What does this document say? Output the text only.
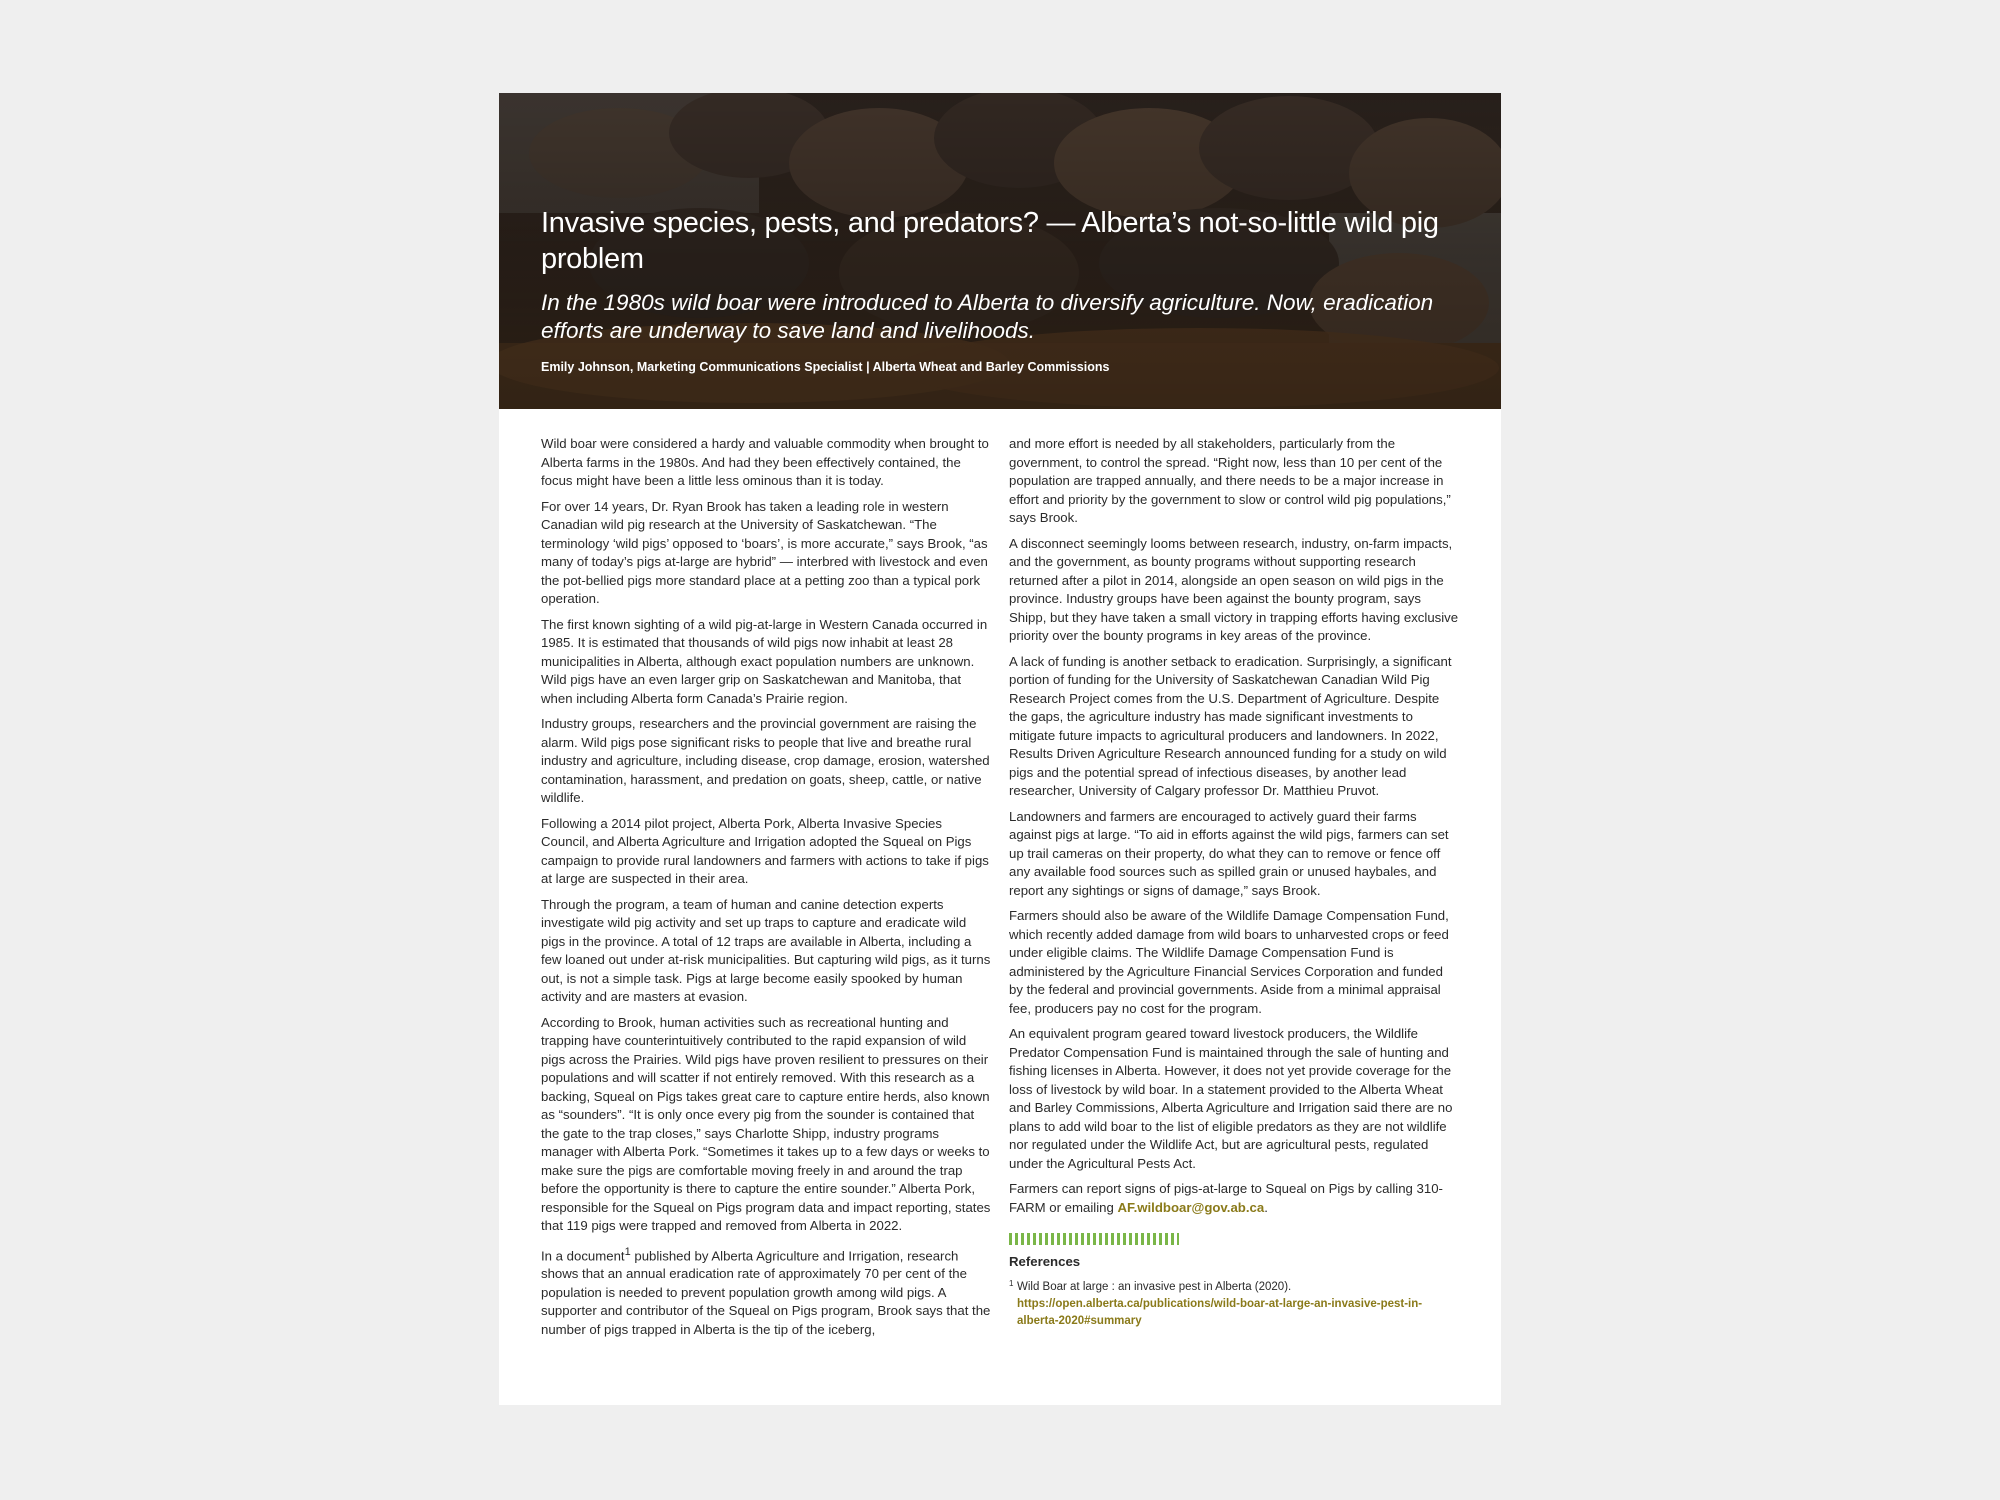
Invasive species, pests, and predators? — Alberta’s not-so-little wild pig problem

In the 1980s wild boar were introduced to Alberta to diversify agriculture. Now, eradication efforts are underway to save land and livelihoods.

Emily Johnson, Marketing Communications Specialist | Alberta Wheat and Barley Commissions

Wild boar were considered a hardy and valuable commodity when brought to Alberta farms in the 1980s. And had they been effectively contained, the focus might have been a little less ominous than it is today.

For over 14 years, Dr. Ryan Brook has taken a leading role in western Canadian wild pig research at the University of Saskatchewan. “The terminology ‘wild pigs’ opposed to ‘boars’, is more accurate,” says Brook, “as many of today’s pigs at-large are hybrid” — interbred with livestock and even the pot-bellied pigs more standard place at a petting zoo than a typical pork operation.

The first known sighting of a wild pig-at-large in Western Canada occurred in 1985. It is estimated that thousands of wild pigs now inhabit at least 28 municipalities in Alberta, although exact population numbers are unknown. Wild pigs have an even larger grip on Saskatchewan and Manitoba, that when including Alberta form Canada’s Prairie region.

Industry groups, researchers and the provincial government are raising the alarm. Wild pigs pose significant risks to people that live and breathe rural industry and agriculture, including disease, crop damage, erosion, watershed contamination, harassment, and predation on goats, sheep, cattle, or native wildlife.

Following a 2014 pilot project, Alberta Pork, Alberta Invasive Species Council, and Alberta Agriculture and Irrigation adopted the Squeal on Pigs campaign to provide rural landowners and farmers with actions to take if pigs at large are suspected in their area.

Through the program, a team of human and canine detection experts investigate wild pig activity and set up traps to capture and eradicate wild pigs in the province. A total of 12 traps are available in Alberta, including a few loaned out under at-risk municipalities. But capturing wild pigs, as it turns out, is not a simple task. Pigs at large become easily spooked by human activity and are masters at evasion.

According to Brook, human activities such as recreational hunting and trapping have counterintuitively contributed to the rapid expansion of wild pigs across the Prairies. Wild pigs have proven resilient to pressures on their populations and will scatter if not entirely removed. With this research as a backing, Squeal on Pigs takes great care to capture entire herds, also known as “sounders”. “It is only once every pig from the sounder is contained that the gate to the trap closes,” says Charlotte Shipp, industry programs manager with Alberta Pork. “Sometimes it takes up to a few days or weeks to make sure the pigs are comfortable moving freely in and around the trap before the opportunity is there to capture the entire sounder.” Alberta Pork, responsible for the Squeal on Pigs program data and impact reporting, states that 119 pigs were trapped and removed from Alberta in 2022.

In a document$^1$ published by Alberta Agriculture and Irrigation, research shows that an annual eradication rate of approximately 70 per cent of the population is needed to prevent population growth among wild pigs. A supporter and contributor of the Squeal on Pigs program, Brook says that the number of pigs trapped in Alberta is the tip of the iceberg,

and more effort is needed by all stakeholders, particularly from the government, to control the spread. “Right now, less than 10 per cent of the population are trapped annually, and there needs to be a major increase in effort and priority by the government to slow or control wild pig populations,” says Brook.

A disconnect seemingly looms between research, industry, on-farm impacts, and the government, as bounty programs without supporting research returned after a pilot in 2014, alongside an open season on wild pigs in the province. Industry groups have been against the bounty program, says Shipp, but they have taken a small victory in trapping efforts having exclusive priority over the bounty programs in key areas of the province.

A lack of funding is another setback to eradication. Surprisingly, a significant portion of funding for the University of Saskatchewan Canadian Wild Pig Research Project comes from the U.S. Department of Agriculture. Despite the gaps, the agriculture industry has made significant investments to mitigate future impacts to agricultural producers and landowners. In 2022, Results Driven Agriculture Research announced funding for a study on wild pigs and the potential spread of infectious diseases, by another lead researcher, University of Calgary professor Dr. Matthieu Pruvot.

Landowners and farmers are encouraged to actively guard their farms against pigs at large. “To aid in efforts against the wild pigs, farmers can set up trail cameras on their property, do what they can to remove or fence off any available food sources such as spilled grain or unused haybales, and report any sightings or signs of damage,” says Brook.

Farmers should also be aware of the Wildlife Damage Compensation Fund, which recently added damage from wild boars to unharvested crops or feed under eligible claims. The Wildlife Damage Compensation Fund is administered by the Agriculture Financial Services Corporation and funded by the federal and provincial governments. Aside from a minimal appraisal fee, producers pay no cost for the program.

An equivalent program geared toward livestock producers, the Wildlife Predator Compensation Fund is maintained through the sale of hunting and fishing licenses in Alberta. However, it does not yet provide coverage for the loss of livestock by wild boar. In a statement provided to the Alberta Wheat and Barley Commissions, Alberta Agriculture and Irrigation said there are no plans to add wild boar to the list of eligible predators as they are not wildlife nor regulated under the Wildlife Act, but are agricultural pests, regulated under the Agricultural Pests Act.

Farmers can report signs of pigs-at-large to Squeal on Pigs by calling 310-FARM or emailing AF.wildboar@gov.ab.ca.

References

1 Wild Boar at large : an invasive pest in Alberta (2020). https://open.alberta.ca/publications/wild-boar-at-large-an-invasive-pest-in-alberta-2020#summary
